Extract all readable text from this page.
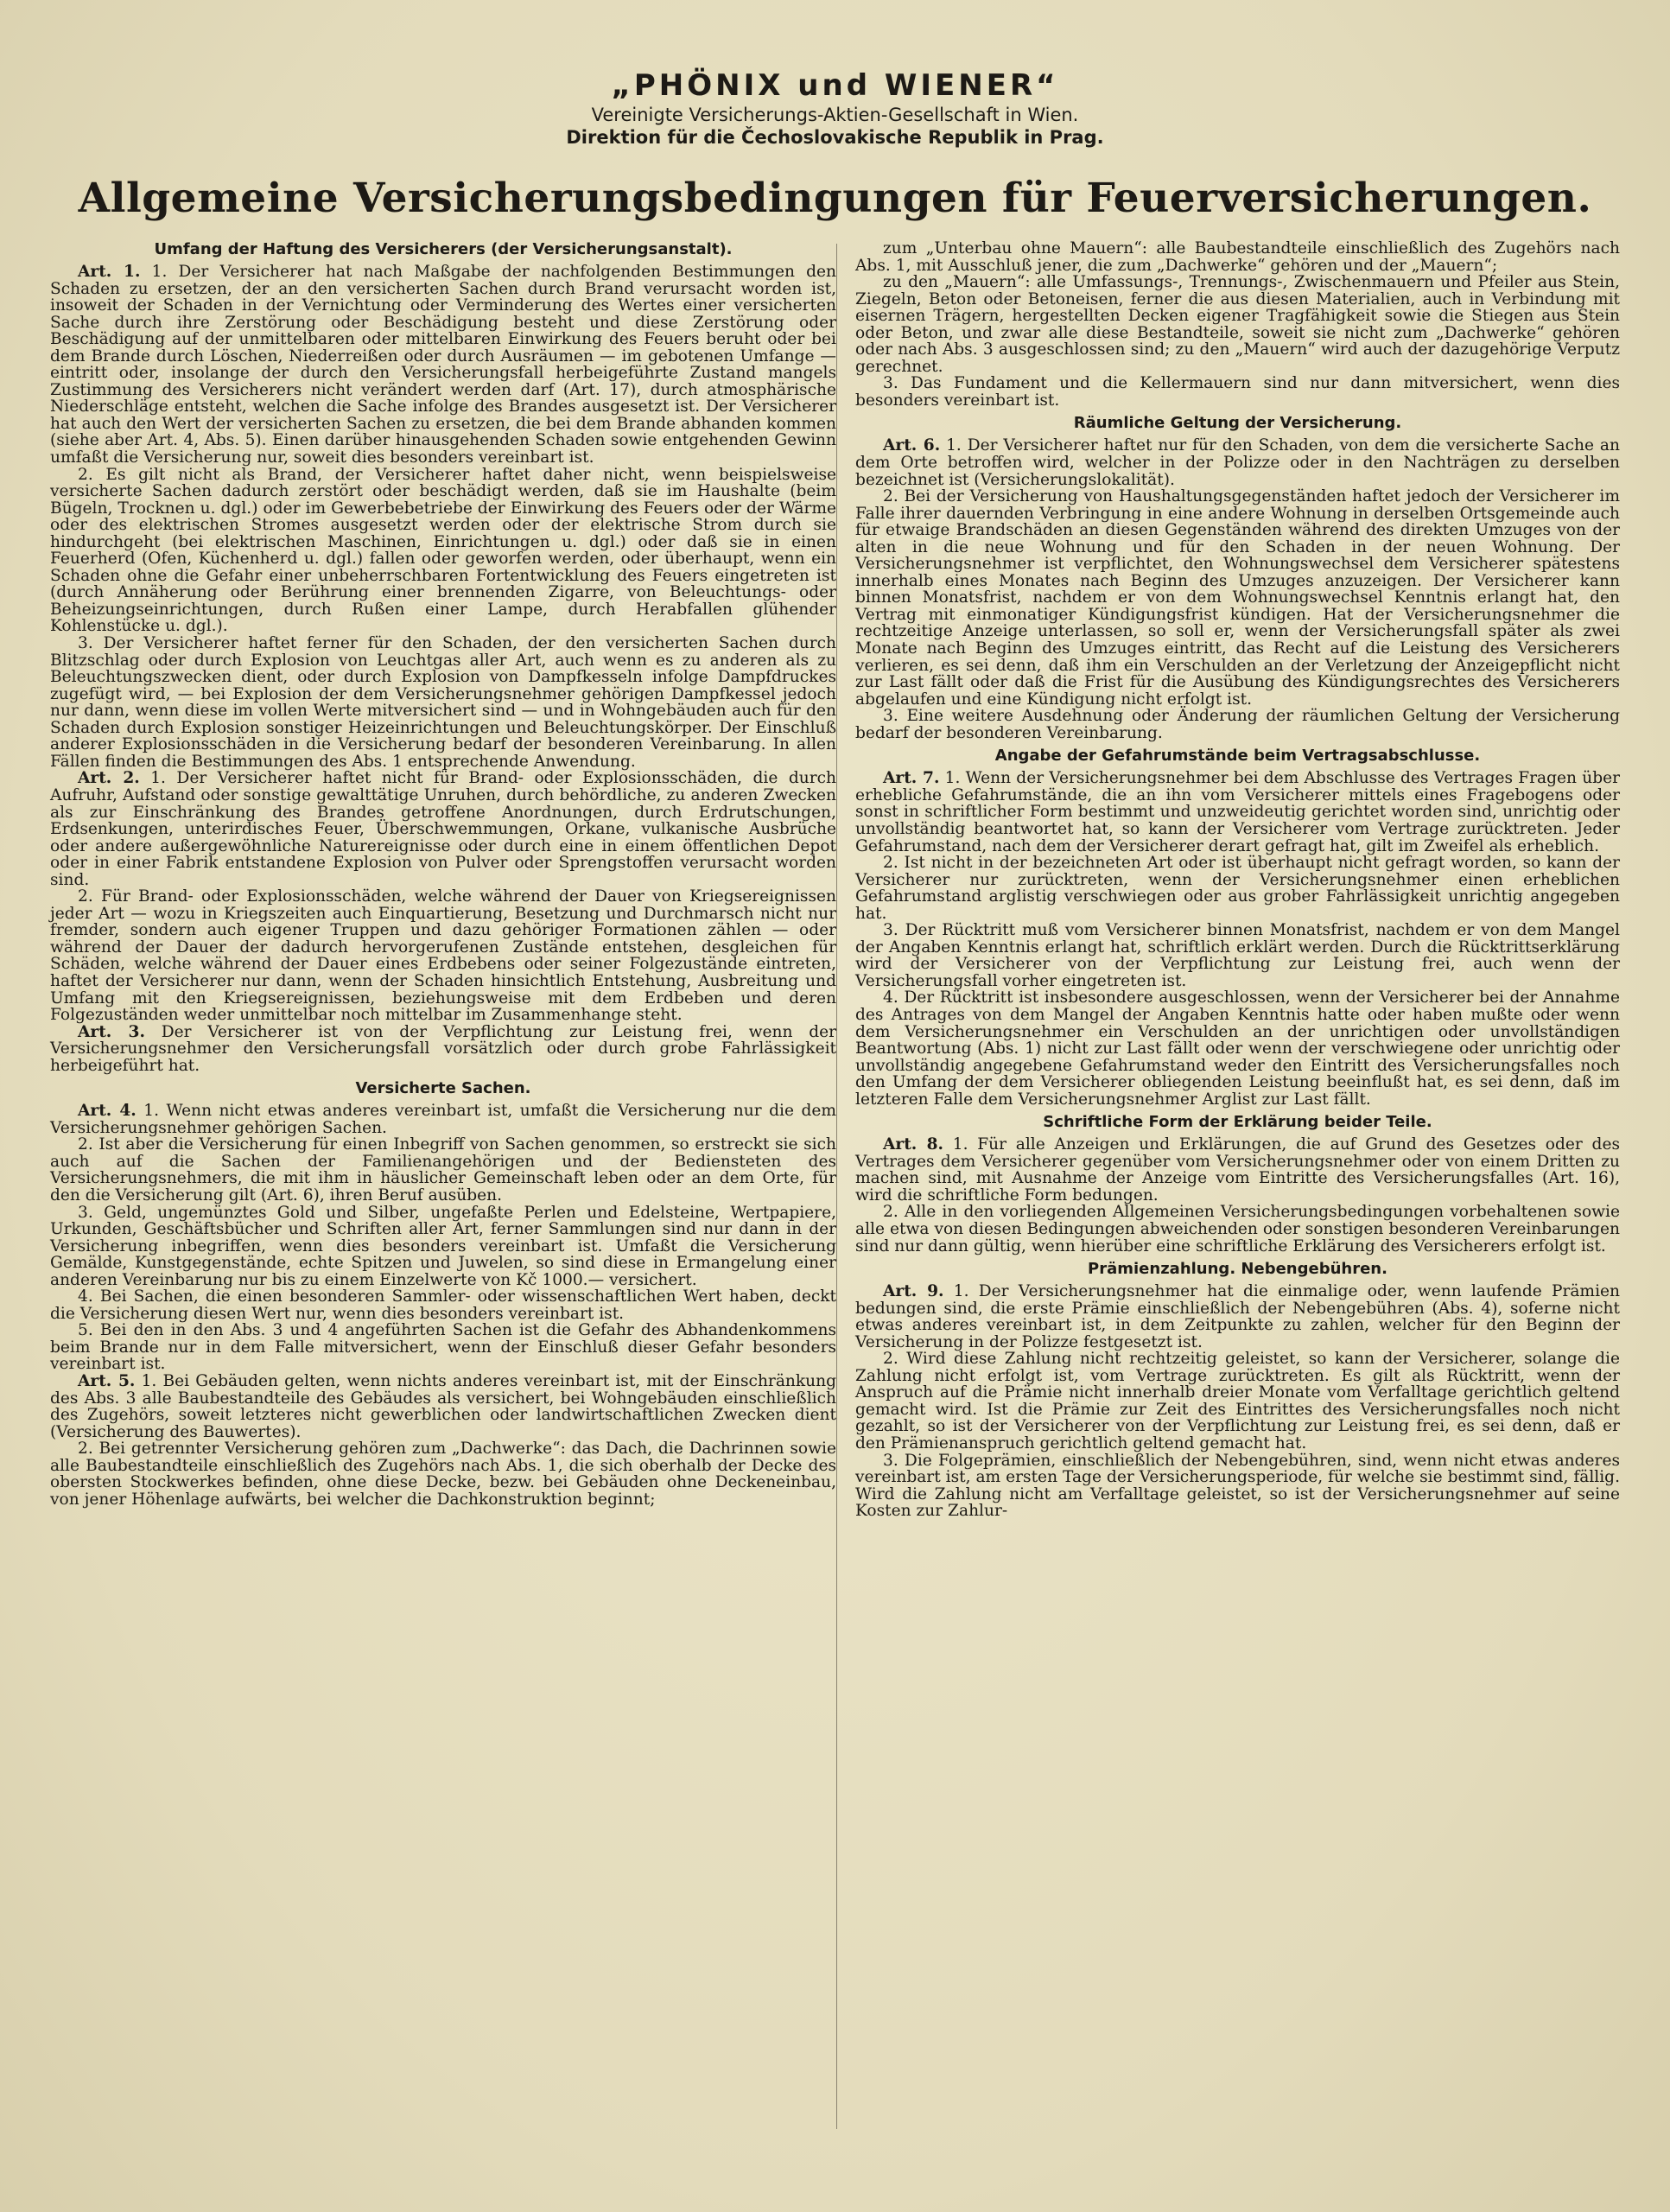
„PHÖNIX und WIENER“
Vereinigte Versicherungs-Aktien-Gesellschaft in Wien.
Direktion für die Čechoslovakische Republik in Prag.
Allgemeine Versicherungsbedingungen für Feuerversicherungen.
Umfang der Haftung des Versicherers (der Versicherungsanstalt).

Art. 1. 1. Der Versicherer hat nach Maßgabe der nachfolgenden Bestimmungen den Schaden zu ersetzen, der an den versicherten Sachen durch Brand verursacht worden ist, insoweit der Schaden in der Vernichtung oder Verminderung des Wertes einer versicherten Sache durch ihre Zerstörung oder Beschädigung besteht und diese Zerstörung oder Beschädigung auf der unmittelbaren oder mittelbaren Einwirkung des Feuers beruht oder bei dem Brande durch Löschen, Niederreißen oder durch Ausräumen — im gebotenen Umfange — eintritt oder, insolange der durch den Versicherungsfall herbeigeführte Zustand mangels Zustimmung des Versicherers nicht verändert werden darf (Art. 17), durch atmosphärische Niederschläge entsteht, welchen die Sache infolge des Brandes ausgesetzt ist. Der Versicherer hat auch den Wert der versicherten Sachen zu ersetzen, die bei dem Brande abhanden kommen (siehe aber Art. 4, Abs. 5). Einen darüber hinausgehenden Schaden sowie entgehenden Gewinn umfaßt die Versicherung nur, soweit dies besonders vereinbart ist.

2. Es gilt nicht als Brand, der Versicherer haftet daher nicht, wenn beispielsweise versicherte Sachen dadurch zerstört oder beschädigt werden, daß sie im Haushalte (beim Bügeln, Trocknen u. dgl.) oder im Gewerbebetriebe der Einwirkung des Feuers oder der Wärme oder des elektrischen Stromes ausgesetzt werden oder der elektrische Strom durch sie hindurchgeht (bei elektrischen Maschinen, Einrichtungen u. dgl.) oder daß sie in einen Feuerherd (Ofen, Küchenherd u. dgl.) fallen oder geworfen werden, oder überhaupt, wenn ein Schaden ohne die Gefahr einer unbeherrschbaren Fortentwicklung des Feuers eingetreten ist (durch Annäherung oder Berührung einer brennenden Zigarre, von Beleuchtungs- oder Beheizungseinrichtungen, durch Rußen einer Lampe, durch Herabfallen glühender Kohlenstücke u. dgl.).

3. Der Versicherer haftet ferner für den Schaden, der den versicherten Sachen durch Blitzschlag oder durch Explosion von Leuchtgas aller Art, auch wenn es zu anderen als zu Beleuchtungszwecken dient, oder durch Explosion von Dampfkesseln infolge Dampfdruckes zugefügt wird, — bei Explosion der dem Versicherungsnehmer gehörigen Dampfkessel jedoch nur dann, wenn diese im vollen Werte mitversichert sind — und in Wohngebäuden auch für den Schaden durch Explosion sonstiger Heizeinrichtungen und Beleuchtungskörper. Der Einschluß anderer Explosionsschäden in die Versicherung bedarf der besonderen Vereinbarung. In allen Fällen finden die Bestimmungen des Abs. 1 entsprechende Anwendung.

Art. 2. 1. Der Versicherer haftet nicht für Brand- oder Explosionsschäden, die durch Aufruhr, Aufstand oder sonstige gewalttätige Unruhen, durch behördliche, zu anderen Zwecken als zur Einschränkung des Brandes getroffene Anordnungen, durch Erdrutschungen, Erdsenkungen, unterirdisches Feuer, Überschwemmungen, Orkane, vulkanische Ausbrüche oder andere außergewöhnliche Naturereignisse oder durch eine in einem öffentlichen Depot oder in einer Fabrik entstandene Explosion von Pulver oder Sprengstoffen verursacht worden sind.

2. Für Brand- oder Explosionsschäden, welche während der Dauer von Kriegsereignissen jeder Art — wozu in Kriegszeiten auch Einquartierung, Besetzung und Durchmarsch nicht nur fremder, sondern auch eigener Truppen und dazu gehöriger Formationen zählen — oder während der Dauer der dadurch hervorgerufenen Zustände entstehen, desgleichen für Schäden, welche während der Dauer eines Erdbebens oder seiner Folgezustände eintreten, haftet der Versicherer nur dann, wenn der Schaden hinsichtlich Entstehung, Ausbreitung und Umfang mit den Kriegsereignissen, beziehungsweise mit dem Erdbeben und deren Folgezuständen weder unmittelbar noch mittelbar im Zusammenhange steht.

Art. 3. Der Versicherer ist von der Verpflichtung zur Leistung frei, wenn der Versicherungsnehmer den Versicherungsfall vorsätzlich oder durch grobe Fahrlässigkeit herbeigeführt hat.

Versicherte Sachen.

Art. 4. 1. Wenn nicht etwas anderes vereinbart ist, umfaßt die Versicherung nur die dem Versicherungsnehmer gehörigen Sachen.

2. Ist aber die Versicherung für einen Inbegriff von Sachen genommen, so erstreckt sie sich auch auf die Sachen der Familienangehörigen und der Bediensteten des Versicherungsnehmers, die mit ihm in häuslicher Gemeinschaft leben oder an dem Orte, für den die Versicherung gilt (Art. 6), ihren Beruf ausüben.

3. Geld, ungemünztes Gold und Silber, ungefaßte Perlen und Edelsteine, Wertpapiere, Urkunden, Geschäftsbücher und Schriften aller Art, ferner Sammlungen sind nur dann in der Versicherung inbegriffen, wenn dies besonders vereinbart ist. Umfaßt die Versicherung Gemälde, Kunstgegenstände, echte Spitzen und Juwelen, so sind diese in Ermangelung einer anderen Vereinbarung nur bis zu einem Einzelwerte von Kč 1000.— versichert.

4. Bei Sachen, die einen besonderen Sammler- oder wissenschaftlichen Wert haben, deckt die Versicherung diesen Wert nur, wenn dies besonders vereinbart ist.

5. Bei den in den Abs. 3 und 4 angeführten Sachen ist die Gefahr des Abhandenkommens beim Brande nur in dem Falle mitversichert, wenn der Einschluß dieser Gefahr besonders vereinbart ist.

Art. 5. 1. Bei Gebäuden gelten, wenn nichts anderes vereinbart ist, mit der Einschränkung des Abs. 3 alle Baubestandteile des Gebäudes als versichert, bei Wohngebäuden einschließlich des Zugehörs, soweit letzteres nicht gewerblichen oder landwirtschaftlichen Zwecken dient (Versicherung des Bauwertes).

2. Bei getrennter Versicherung gehören zum „Dachwerke“: das Dach, die Dachrinnen sowie alle Baubestandteile einschließlich des Zugehörs nach Abs. 1, die sich oberhalb der Decke des obersten Stockwerkes befinden, ohne diese Decke, bezw. bei Gebäuden ohne Deckeneinbau, von jener Höhenlage aufwärts, bei welcher die Dachkonstruktion beginnt;

zum „Unterbau ohne Mauern“: alle Baubestandteile einschließlich des Zugehörs nach Abs. 1, mit Ausschluß jener, die zum „Dachwerke“ gehören und der „Mauern“;

zu den „Mauern“: alle Umfassungs-, Trennungs-, Zwischenmauern und Pfeiler aus Stein, Ziegeln, Beton oder Betoneisen, ferner die aus diesen Materialien, auch in Verbindung mit eisernen Trägern, hergestellten Decken eigener Tragfähigkeit sowie die Stiegen aus Stein oder Beton, und zwar alle diese Bestandteile, soweit sie nicht zum „Dachwerke“ gehören oder nach Abs. 3 ausgeschlossen sind; zu den „Mauern“ wird auch der dazugehörige Verputz gerechnet.

3. Das Fundament und die Kellermauern sind nur dann mitversichert, wenn dies besonders vereinbart ist.

Räumliche Geltung der Versicherung.

Art. 6. 1. Der Versicherer haftet nur für den Schaden, von dem die versicherte Sache an dem Orte betroffen wird, welcher in der Polizze oder in den Nachträgen zu derselben bezeichnet ist (Versicherungslokalität).

2. Bei der Versicherung von Haushaltungsgegenständen haftet jedoch der Versicherer im Falle ihrer dauernden Verbringung in eine andere Wohnung in derselben Ortsgemeinde auch für etwaige Brandschäden an diesen Gegenständen während des direkten Umzuges von der alten in die neue Wohnung und für den Schaden in der neuen Wohnung. Der Versicherungsnehmer ist verpflichtet, den Wohnungswechsel dem Versicherer spätestens innerhalb eines Monates nach Beginn des Umzuges anzuzeigen. Der Versicherer kann binnen Monatsfrist, nachdem er von dem Wohnungswechsel Kenntnis erlangt hat, den Vertrag mit einmonatiger Kündigungsfrist kündigen. Hat der Versicherungsnehmer die rechtzeitige Anzeige unterlassen, so soll er, wenn der Versicherungsfall später als zwei Monate nach Beginn des Umzuges eintritt, das Recht auf die Leistung des Versicherers verlieren, es sei denn, daß ihm ein Verschulden an der Verletzung der Anzeigepflicht nicht zur Last fällt oder daß die Frist für die Ausübung des Kündigungsrechtes des Versicherers abgelaufen und eine Kündigung nicht erfolgt ist.

3. Eine weitere Ausdehnung oder Änderung der räumlichen Geltung der Versicherung bedarf der besonderen Vereinbarung.

Angabe der Gefahrumstände beim Vertragsabschlusse.

Art. 7. 1. Wenn der Versicherungsnehmer bei dem Abschlusse des Vertrages Fragen über erhebliche Gefahrumstände, die an ihn vom Versicherer mittels eines Fragebogens oder sonst in schriftlicher Form bestimmt und unzweideutig gerichtet worden sind, unrichtig oder unvollständig beantwortet hat, so kann der Versicherer vom Vertrage zurücktreten. Jeder Gefahrumstand, nach dem der Versicherer derart gefragt hat, gilt im Zweifel als erheblich.

2. Ist nicht in der bezeichneten Art oder ist überhaupt nicht gefragt worden, so kann der Versicherer nur zurücktreten, wenn der Versicherungsnehmer einen erheblichen Gefahrumstand arglistig verschwiegen oder aus grober Fahrlässigkeit unrichtig angegeben hat.

3. Der Rücktritt muß vom Versicherer binnen Monatsfrist, nachdem er von dem Mangel der Angaben Kenntnis erlangt hat, schriftlich erklärt werden. Durch die Rücktrittserklärung wird der Versicherer von der Verpflichtung zur Leistung frei, auch wenn der Versicherungsfall vorher eingetreten ist.

4. Der Rücktritt ist insbesondere ausgeschlossen, wenn der Versicherer bei der Annahme des Antrages von dem Mangel der Angaben Kenntnis hatte oder haben mußte oder wenn dem Versicherungsnehmer ein Verschulden an der unrichtigen oder unvollständigen Beantwortung (Abs. 1) nicht zur Last fällt oder wenn der verschwiegene oder unrichtig oder unvollständig angegebene Gefahrumstand weder den Eintritt des Versicherungsfalles noch den Umfang der dem Versicherer obliegenden Leistung beeinflußt hat, es sei denn, daß im letzteren Falle dem Versicherungsnehmer Arglist zur Last fällt.

Schriftliche Form der Erklärung beider Teile.

Art. 8. 1. Für alle Anzeigen und Erklärungen, die auf Grund des Gesetzes oder des Vertrages dem Versicherer gegenüber vom Versicherungsnehmer oder von einem Dritten zu machen sind, mit Ausnahme der Anzeige vom Eintritte des Versicherungsfalles (Art. 16), wird die schriftliche Form bedungen.

2. Alle in den vorliegenden Allgemeinen Versicherungsbedingungen vorbehaltenen sowie alle etwa von diesen Bedingungen abweichenden oder sonstigen besonderen Vereinbarungen sind nur dann gültig, wenn hierüber eine schriftliche Erklärung des Versicherers erfolgt ist.

Prämienzahlung. Nebengebühren.

Art. 9. 1. Der Versicherungsnehmer hat die einmalige oder, wenn laufende Prämien bedungen sind, die erste Prämie einschließlich der Nebengebühren (Abs. 4), soferne nicht etwas anderes vereinbart ist, in dem Zeitpunkte zu zahlen, welcher für den Beginn der Versicherung in der Polizze festgesetzt ist.

2. Wird diese Zahlung nicht rechtzeitig geleistet, so kann der Versicherer, solange die Zahlung nicht erfolgt ist, vom Vertrage zurücktreten. Es gilt als Rücktritt, wenn der Anspruch auf die Prämie nicht innerhalb dreier Monate vom Verfalltage gerichtlich geltend gemacht wird. Ist die Prämie zur Zeit des Eintrittes des Versicherungsfalles noch nicht gezahlt, so ist der Versicherer von der Verpflichtung zur Leistung frei, es sei denn, daß er den Prämienanspruch gerichtlich geltend gemacht hat.

3. Die Folgeprämien, einschließlich der Nebengebühren, sind, wenn nicht etwas anderes vereinbart ist, am ersten Tage der Versicherungsperiode, für welche sie bestimmt sind, fällig. Wird die Zahlung nicht am Verfalltage geleistet, so ist der Versicherungsnehmer auf seine Kosten zur Zahlur-
